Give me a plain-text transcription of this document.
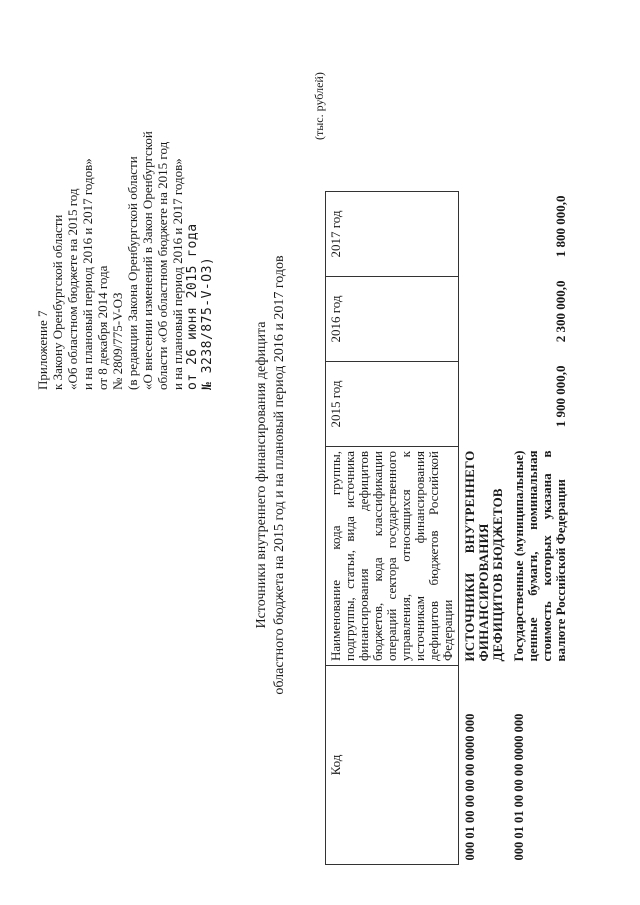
Приложение 7 к Закону Оренбургской области «Об областном бюджете на 2015 год и на плановый период 2016 и 2017 годов» от 8 декабря 2014 года № 2809/775-V-ОЗ (в редакции Закона Оренбургской области «О внесении изменений в Закон Оренбургской области «Об областном бюджете на 2015 год и на плановый период 2016 и 2017 годов» от 26 июня 2015 года № 3238/875-V-ОЗ)	Источники внутреннего финансирования дефицита областного бюджета на 2015 год и на плановый период 2016 и 2017 годов
(тыс. рублей)
Код	Наименование кода группы, подгруппы, статьи, вида источника финансирования дефицитов бюджетов, кода классификации операций сектора государственного управления, относящихся к источникам финансирования дефицитов бюджетов Российской Федерации	2015 год	2016 год	2017 год
000 01 00 00 00 00 0000 000	ИСТОЧНИКИ ВНУТРЕННЕГО ФИНАНСИРОВАНИЯ ДЕФИЦИТОВ БЮДЖЕТОВ			
000 01 01 00 00 00 0000 000	Государственные (муниципальные) ценные бумаги, номинальная стоимость которых указана в валюте Российской Федерации	1 900 000,0	2 300 000,0	1 800 000,0
